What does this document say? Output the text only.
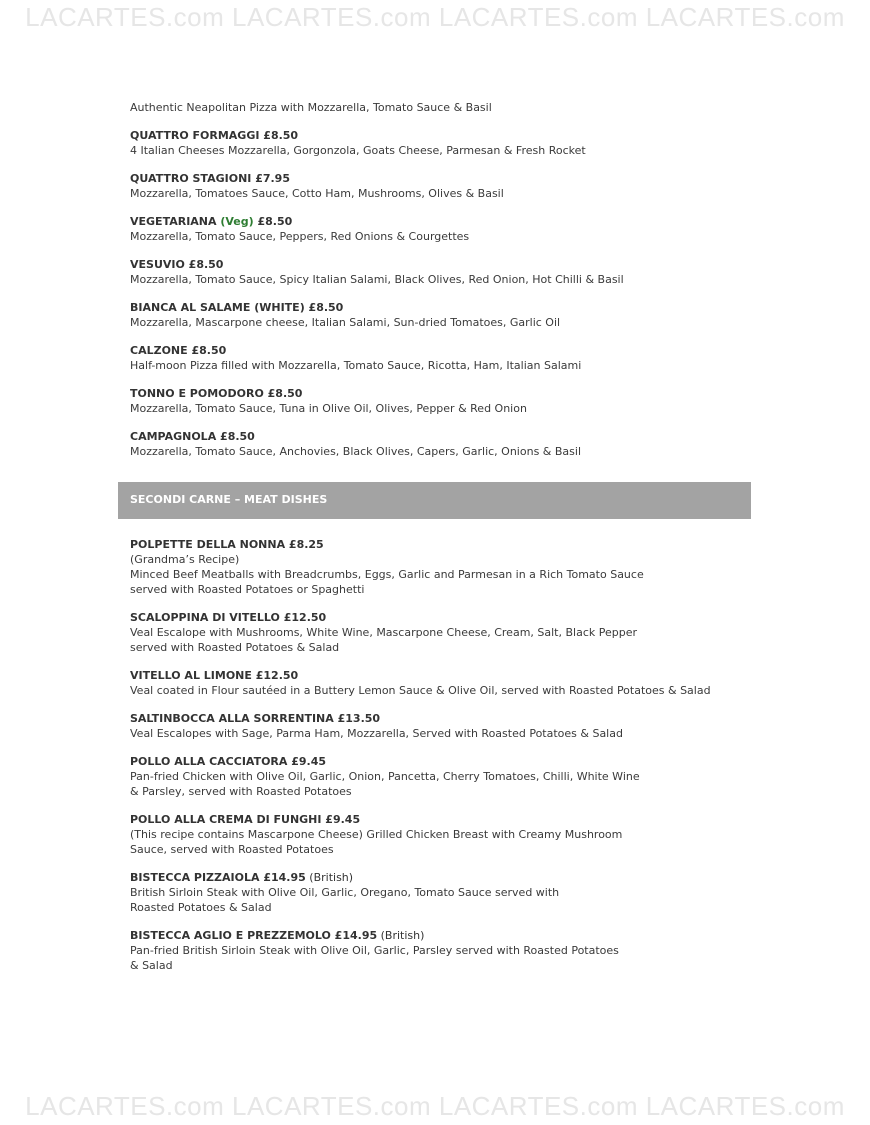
LACARTES.com LACARTES.com LACARTES.com LACARTES.com
Authentic Neapolitan Pizza with Mozzarella, Tomato Sauce & Basil
QUATTRO FORMAGGI £8.50
4 Italian Cheeses Mozzarella, Gorgonzola, Goats Cheese, Parmesan & Fresh Rocket
QUATTRO STAGIONI £7.95
Mozzarella, Tomatoes Sauce, Cotto Ham, Mushrooms, Olives & Basil
VEGETARIANA (Veg) £8.50
Mozzarella, Tomato Sauce, Peppers, Red Onions & Courgettes
VESUVIO £8.50
Mozzarella, Tomato Sauce, Spicy Italian Salami, Black Olives, Red Onion, Hot Chilli & Basil
BIANCA AL SALAME (WHITE) £8.50
Mozzarella, Mascarpone cheese, Italian Salami, Sun-dried Tomatoes, Garlic Oil
CALZONE £8.50
Half-moon Pizza filled with Mozzarella, Tomato Sauce, Ricotta, Ham, Italian Salami
TONNO E POMODORO £8.50
Mozzarella, Tomato Sauce, Tuna in Olive Oil, Olives, Pepper & Red Onion
CAMPAGNOLA £8.50
Mozzarella, Tomato Sauce, Anchovies, Black Olives, Capers, Garlic, Onions & Basil
SECONDI CARNE – MEAT DISHES
POLPETTE DELLA NONNA £8.25
(Grandma’s Recipe)
Minced Beef Meatballs with Breadcrumbs, Eggs, Garlic and Parmesan in a Rich Tomato Sauce
served with Roasted Potatoes or Spaghetti
SCALOPPINA DI VITELLO £12.50
Veal Escalope with Mushrooms, White Wine, Mascarpone Cheese, Cream, Salt, Black Pepper
served with Roasted Potatoes & Salad
VITELLO AL LIMONE £12.50
Veal coated in Flour sautéed in a Buttery Lemon Sauce & Olive Oil, served with Roasted Potatoes & Salad
SALTINBOCCA ALLA SORRENTINA £13.50
Veal Escalopes with Sage, Parma Ham, Mozzarella, Served with Roasted Potatoes & Salad
POLLO ALLA CACCIATORA £9.45
Pan-fried Chicken with Olive Oil, Garlic, Onion, Pancetta, Cherry Tomatoes, Chilli, White Wine
& Parsley, served with Roasted Potatoes
POLLO ALLA CREMA DI FUNGHI £9.45
(This recipe contains Mascarpone Cheese) Grilled Chicken Breast with Creamy Mushroom
Sauce, served with Roasted Potatoes
BISTECCA PIZZAIOLA £14.95 (British)
British Sirloin Steak with Olive Oil, Garlic, Oregano, Tomato Sauce served with
Roasted Potatoes & Salad
BISTECCA AGLIO E PREZZEMOLO £14.95 (British)
Pan-fried British Sirloin Steak with Olive Oil, Garlic, Parsley served with Roasted Potatoes
& Salad
LACARTES.com LACARTES.com LACARTES.com LACARTES.com
